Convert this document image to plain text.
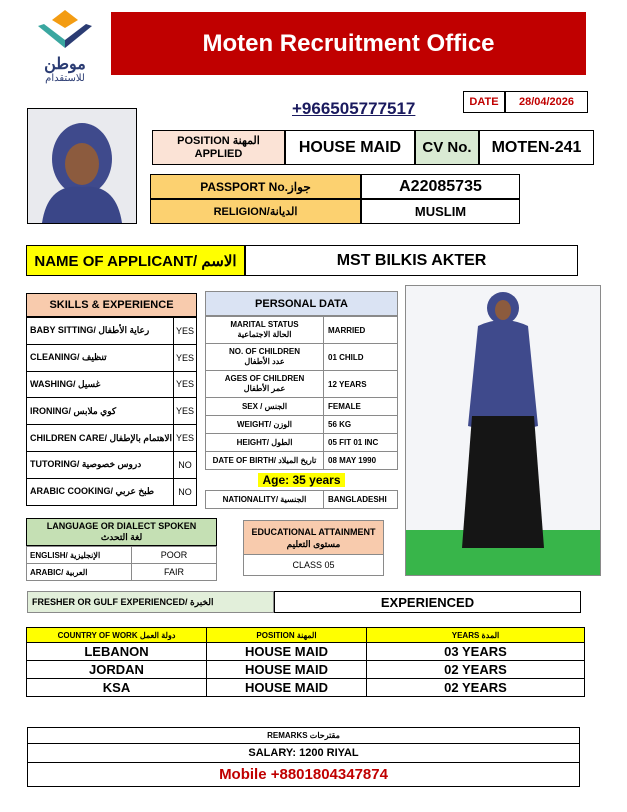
موطن
للاستقدام
Moten Recruitment Office
+966505777517	DATE	28/04/2026
POSITION المهنة
APPLIED	HOUSE MAID	CV No.	MOTEN-241
PASSPORT No.جواز	A22085735
RELIGION/الديانة	MUSLIM
NAME OF APPLICANT/ الاسم	MST BILKIS AKTER
SKILLS & EXPERIENCE
BABY SITTING/ رعاية الأطفال	YES
CLEANING/ تنظيف	YES
WASHING/ غسيل	YES
IRONING/ كوي ملابس	YES
CHILDREN CARE/ الاهتمام بالإطفال	YES
TUTORING/ دروس خصوصية	NO
ARABIC COOKING/ طبخ عربي	NO
PERSONAL DATA
MARITAL STATUS
الحالة الاجتماعية	MARRIED

NO. OF CHILDREN
عدد الأطفال	01 CHILD

AGES OF CHILDREN
عمر الأطفال	12 YEARS

SEX / الجنس	FEMALE

WEIGHT/ الوزن	56 KG

HEIGHT/ الطول	05 FIT 01 INC

DATE OF BIRTH/ تاريخ الميلاد	08 MAY 1990
Age: 35 years	
NATIONALITY/ الجنسية	BANGLADESHI
LANGUAGE OR DIALECT SPOKEN
لغة التحدث
ENGLISH/ الإنجليزية	POOR
ARABIC/ العربية	FAIR
EDUCATIONAL ATTAINMENT
مستوى التعليم
CLASS 05
FRESHER OR GULF EXPERIENCED/ الخبرة	EXPERIENCED
COUNTRY OF WORK دولة العمل	POSITION المهنة	YEARS المدة
LEBANON	HOUSE MAID	03 YEARS
JORDAN	HOUSE MAID	02 YEARS
KSA	HOUSE MAID	02 YEARS
REMARKS مقترحات
SALARY: 1200 RIYAL
Mobile +8801804347874
